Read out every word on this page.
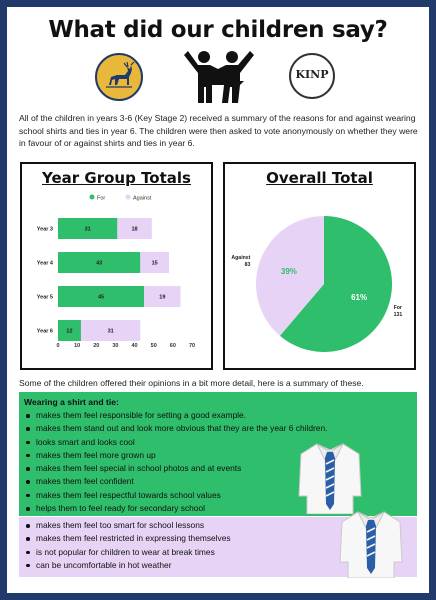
What did our children say?
KINP
All of the children in years 3-6 (Key Stage 2) received a summary of the reasons for and against wearing school shirts and ties in year 6. The children were then asked to vote anonymously on whether they were in favour of or against shirts and ties in year 6.
Year Group Totals
For	Against
Year 3	31	18
Year 4	43	15
Year 5	45	19
Year 6 12	31
0	10 20 30 40 50 60 70
Overall Total
61%
For
131
39%
Against
83
Some of the children offered their opinions in a bit more detail, here is a summary of these.
Wearing a shirt and tie:
makes them feel responsible for setting a good example.
makes them stand out and look more obvious that they are the year 6 children.
looks smart and looks cool
makes them feel more grown up
makes them feel special in school photos and at events
makes them feel confident
makes them feel respectful towards school values
helps them to feel ready for secondary school
makes them feel too smart for school lessons
makes them feel restricted in expressing themselves
is not popular for children to wear at break times
can be uncomfortable in hot weather
